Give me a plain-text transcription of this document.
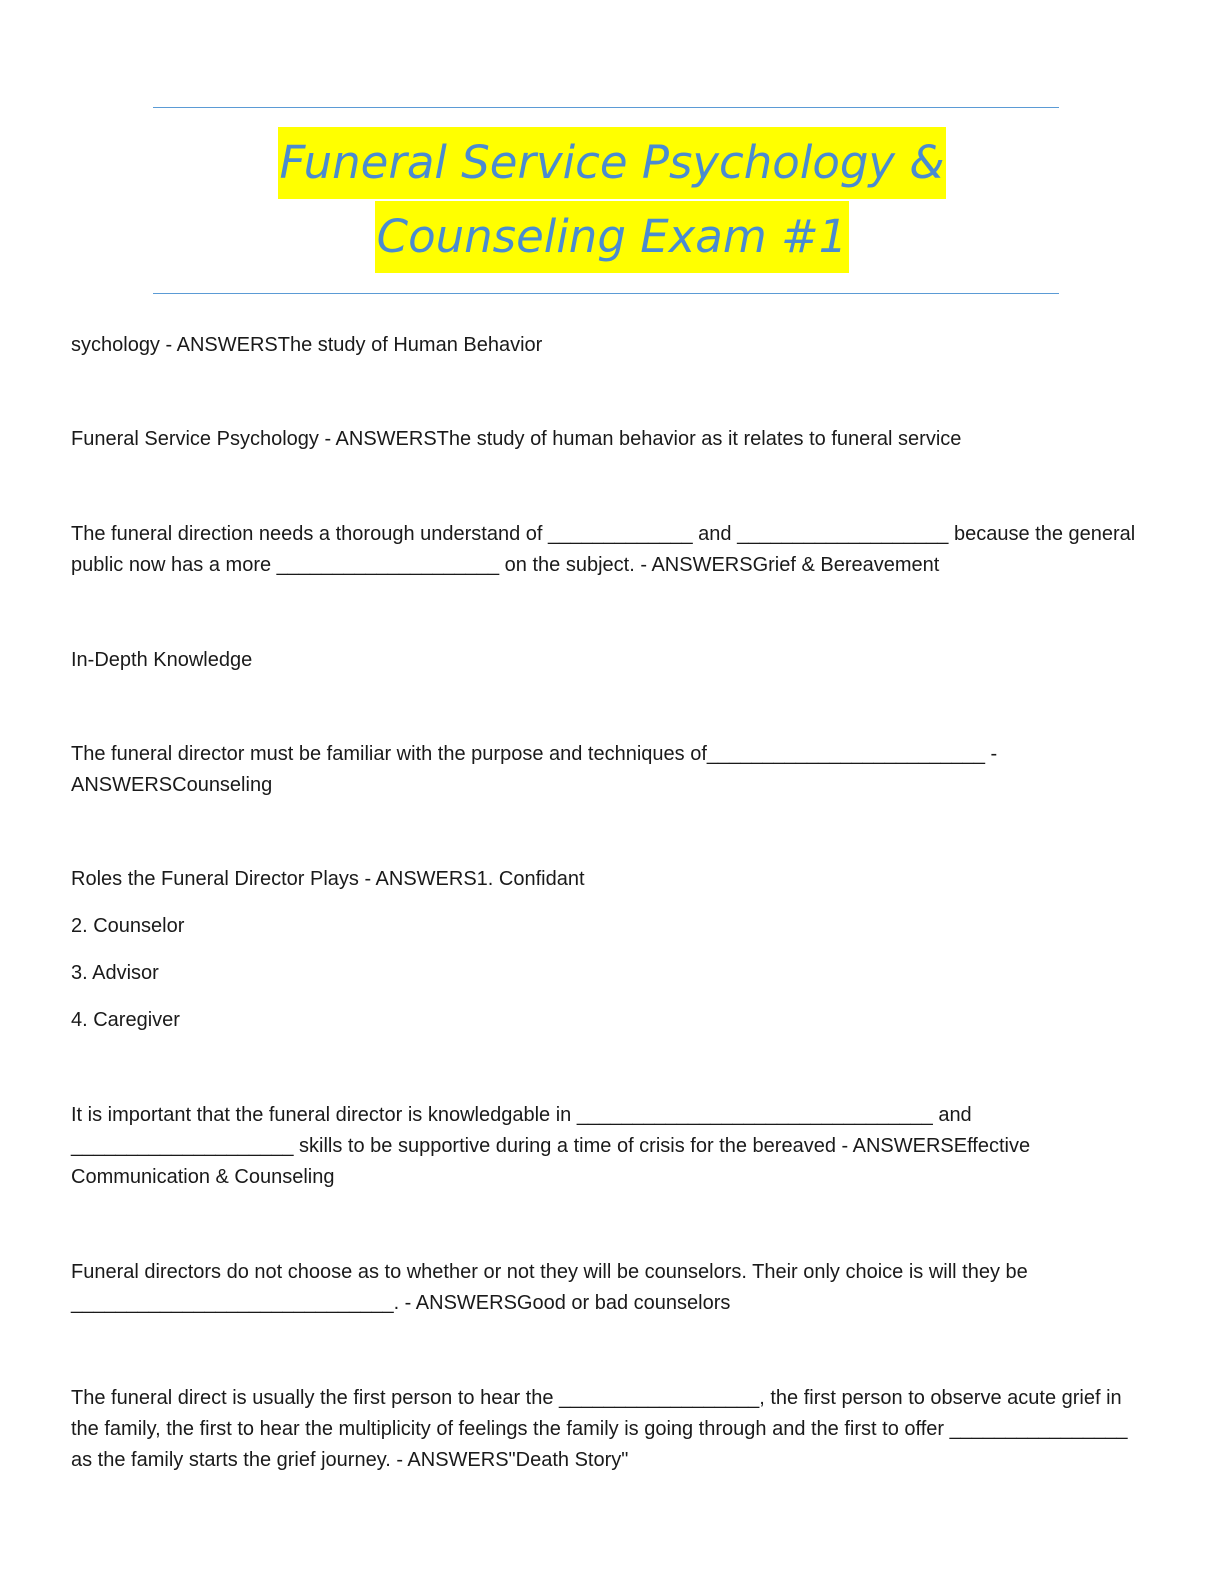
Funeral Service Psychology &
Counseling Exam #1

sychology - ANSWERSThe study of Human Behavior

Funeral Service Psychology - ANSWERSThe study of human behavior as it relates to funeral service

The funeral direction needs a thorough understand of _____________ and ___________________ because the general public now has a more ____________________ on the subject. - ANSWERSGrief & Bereavement

In-Depth Knowledge

The funeral director must be familiar with the purpose and techniques of_________________________ - ANSWERSCounseling

Roles the Funeral Director Plays - ANSWERS1. Confidant

2. Counselor

3. Advisor

4. Caregiver

It is important that the funeral director is knowledgable in ________________________________ and ____________________ skills to be supportive during a time of crisis for the bereaved - ANSWERSEffective Communication & Counseling

Funeral directors do not choose as to whether or not they will be counselors. Their only choice is will they be _____________________________. - ANSWERSGood or bad counselors

The funeral direct is usually the first person to hear the __________________, the first person to observe acute grief in the family, the first to hear the multiplicity of feelings the family is going through and the first to offer ________________ as the family starts the grief journey. - ANSWERS"Death Story"
